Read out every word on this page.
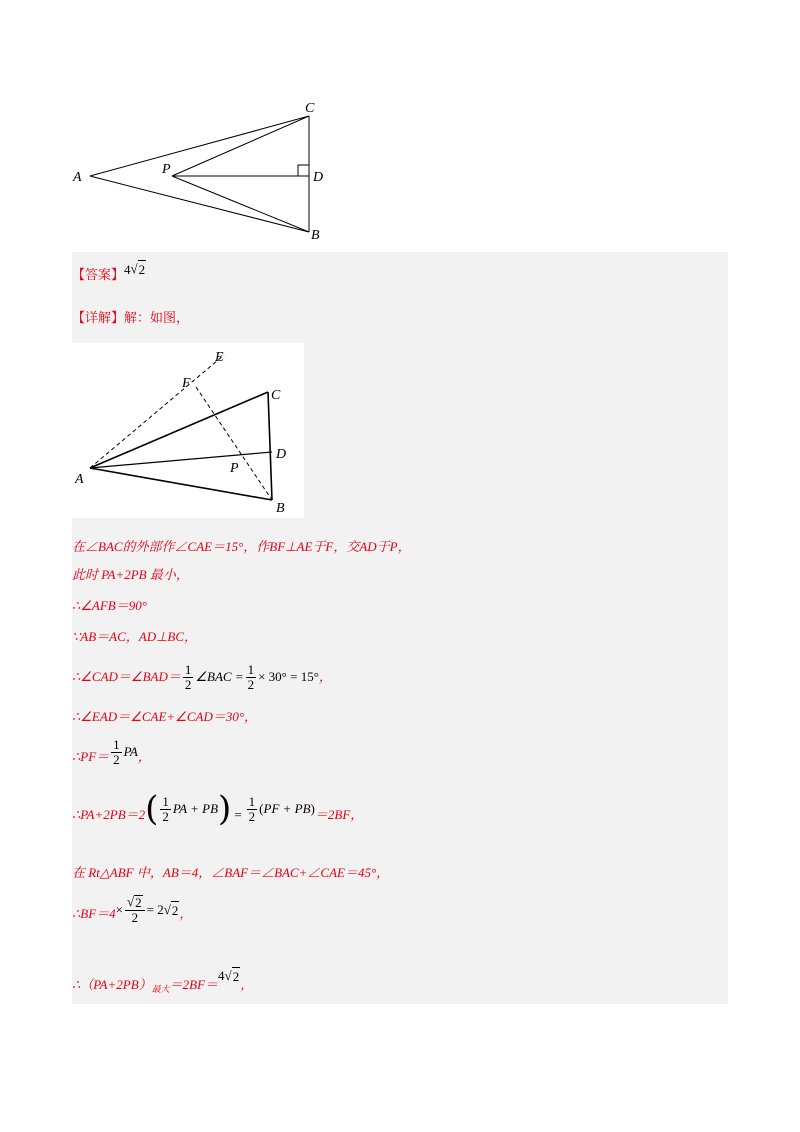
A
P
C
D
B
【答案】 4 √ 2
【详解】 解：如图，
E
F
C
D
P
A
B
在∠BAC的外部作∠CAE＝15°，作BF⊥AE于F，交AD于P，
此时 PA+2PB 最小，
∴∠AFB＝90°
∵AB＝AC，AD⊥BC，
∴∠CAD＝∠BAD＝ $\frac{1}{2}$ ∠BAC = $\frac{1}{2} \times 30^\circ = 15^\circ$ ，
∴∠EAD＝∠CAE+∠CAD＝30°，
∴PF＝ $\frac{1}{2}$ PA ，
∴PA+2PB＝2 ( $\frac{1}{2}$ PA + PB ) = $\frac{1}{2}$ ( PF + PB ) ＝2BF，
在 Rt△ABF 中，AB＝4，∠BAF＝∠BAC+∠CAE＝45°，
∴BF＝4 × $\frac{√ 2}{2} = 2$ √ 2 ，
∴（PA+2PB） 最大 ＝2BF＝
4 √ 2
，
